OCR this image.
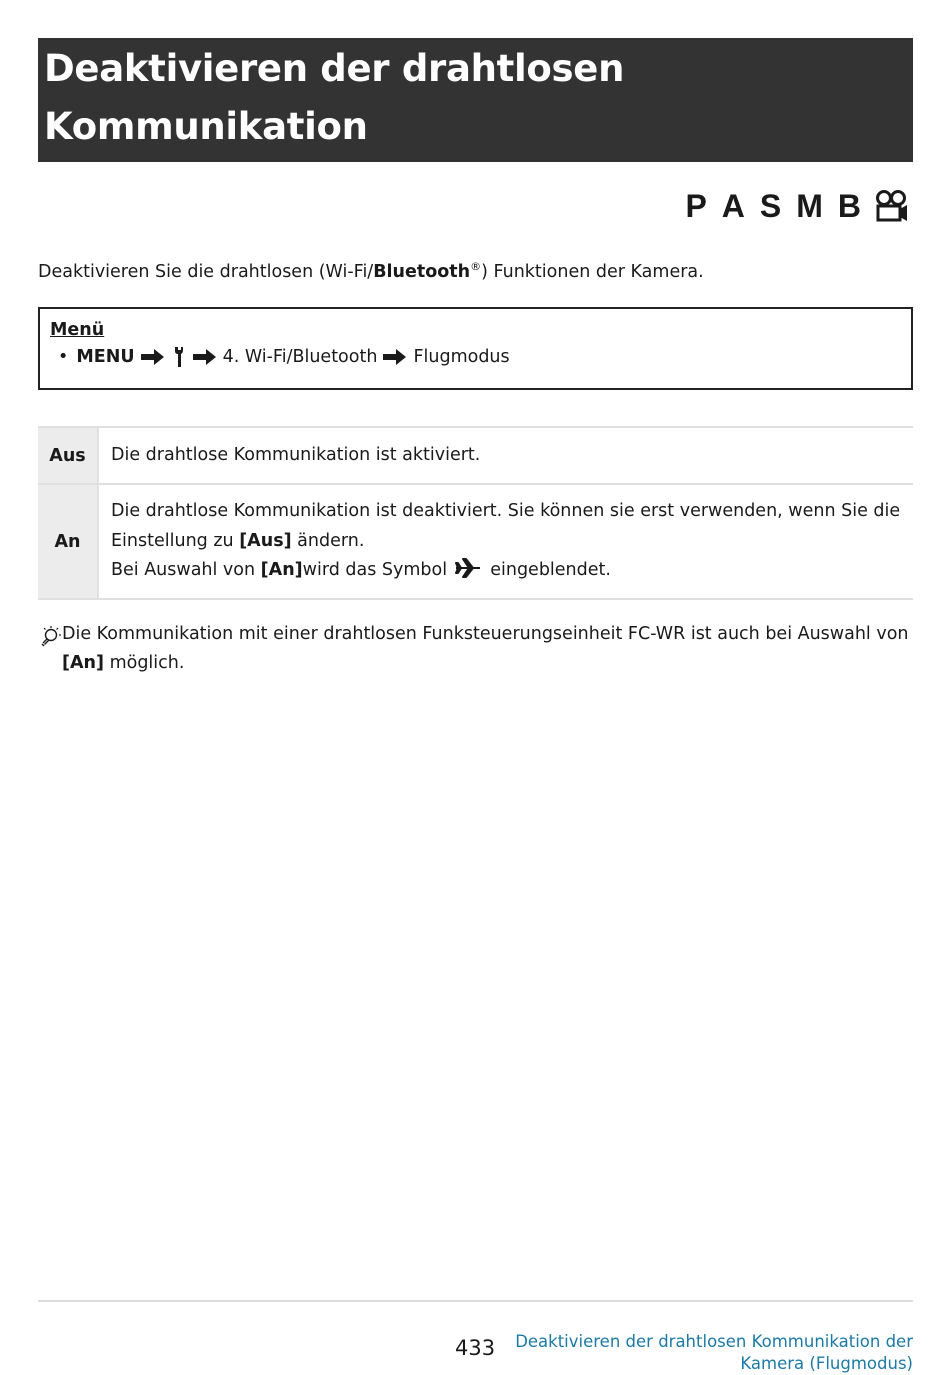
Deaktivieren der drahtlosen Kommunikation
der Kamera (Flugmodus)	P A S M B
Deaktivieren Sie die drahtlosen (Wi-Fi/Bluetooth®) Funktionen der Kamera.
Menü
• MENU	4. Wi-Fi/Bluetooth Flugmodus
Aus	Die drahtlose Kommunikation ist aktiviert.

An	Die drahtlose Kommunikation ist deaktiviert. Sie können sie erst verwenden, wenn Sie die

Einstellung zu [Aus] ändern.

Bei Auswahl von [An]wird das Symbol  eingeblendet.

Die Kommunikation mit einer drahtlosen Funksteuerungseinheit FC-WR ist auch bei Auswahl von
[An] möglich.
433	Deaktivieren der drahtlosen Kommunikation der
Kamera (Flugmodus)
